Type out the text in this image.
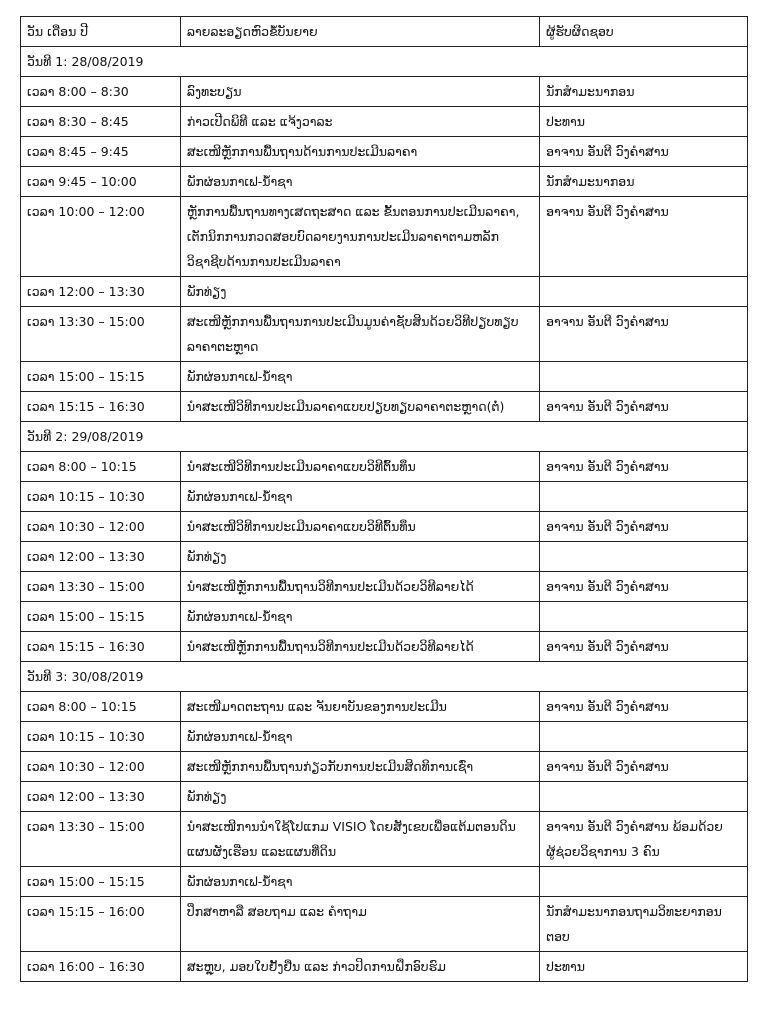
ວັນ ເດືອນ ປີ	ລາຍລະອຽດຫົວຂໍ້ບັນຍາຍ	ຜູ້ຮັບຜິດຊອບ
ວັນທີ 1: 28/08/2019		
ເວລາ 8:00 – 8:30	ລົງທະບຽນ	ນັກສຳມະນາກອນ
ເວລາ 8:30 – 8:45	ກ່າວເປີດພິທີ ແລະ ແຈ້ງວາລະ	ປະທານ
ເວລາ 8:45 – 9:45	ສະເໜີຫຼັກການພື້ນຖານດ້ານການປະເມີນລາຄາ	ອາຈານ ອັນຕີ ວົງຄຳສານ
ເວລາ 9:45 – 10:00	ພັກຜ່ອນກາເຟ-ນ້ຳຊາ	ນັກສຳມະນາກອນ
ເວລາ 10:00 – 12:00	ຫຼັກການພື້ນຖານທາງເສດຖະສາດ ແລະ ຂັ້ນຕອນການປະເມີນລາຄາ, ເຕັກນິກການກວດສອບບົດລາຍງານການປະເມີນລາຄາຕາມຫລັກວິຊາຊີບດ້ານການປະເມີນລາຄາ	ອາຈານ ອັນຕີ ວົງຄຳສານ
ເວລາ 12:00 – 13:30	ພັກທ່ຽງ	
ເວລາ 13:30 – 15:00	ສະເໜີຫຼັກການພື້ນຖານການປະເມີນມູນຄ່າຊັບສິນດ້ວຍວິທີປຽບທຽບລາຄາຕະຫຼາດ	ອາຈານ ອັນຕີ ວົງຄຳສານ
ເວລາ 15:00 – 15:15	ພັກຜ່ອນກາເຟ-ນ້ຳຊາ	
ເວລາ 15:15 – 16:30	ນຳສະເໜີວິທີການປະເມີນລາຄາແບບປຽບທຽບລາຄາຕະຫຼາດ(ຕໍ່)	ອາຈານ ອັນຕີ ວົງຄຳສານ
ວັນທີ 2: 29/08/2019		
ເວລາ 8:00 – 10:15	ນຳສະເໜີວິທີການປະເມີນລາຄາແບບວິທີຕົ້ນທຶນ	ອາຈານ ອັນຕີ ວົງຄຳສານ
ເວລາ 10:15 – 10:30	ພັກຜ່ອນກາເຟ-ນ້ຳຊາ	
ເວລາ 10:30 – 12:00	ນຳສະເໜີວິທີການປະເມີນລາຄາແບບວິທີຕົ້ນທຶນ	ອາຈານ ອັນຕີ ວົງຄຳສານ
ເວລາ 12:00 – 13:30	ພັກທ່ຽງ	
ເວລາ 13:30 – 15:00	ນຳສະເໜີຫຼັກການພື້ນຖານວິທີການປະເມີນດ້ວຍວິທີລາຍໄດ້	ອາຈານ ອັນຕີ ວົງຄຳສານ
ເວລາ 15:00 – 15:15	ພັກຜ່ອນກາເຟ-ນ້ຳຊາ	
ເວລາ 15:15 – 16:30	ນຳສະເໜີຫຼັກການພື້ນຖານວິທີການປະເມີນດ້ວຍວິທີລາຍໄດ້	ອາຈານ ອັນຕີ ວົງຄຳສານ
ວັນທີ 3: 30/08/2019		
ເວລາ 8:00 – 10:15	ສະເໜີມາດຕະຖານ ແລະ ຈັນຍາບັນຂອງການປະເມີນ	ອາຈານ ອັນຕີ ວົງຄຳສານ
ເວລາ 10:15 – 10:30	ພັກຜ່ອນກາເຟ-ນ້ຳຊາ	
ເວລາ 10:30 – 12:00	ສະເໜີຫຼັກການພື້ນຖານກ່ຽວກັບການປະເມີນສິດທິການເຊົ່າ	ອາຈານ ອັນຕີ ວົງຄຳສານ
ເວລາ 12:00 – 13:30	ພັກທ່ຽງ	
ເວລາ 13:30 – 15:00	ນຳສະເໜີການນຳໃຊ້ໂປແກມ VISIO ໂດຍສັງເຂບເພື່ອແຕ້ມຕອນດິນ ແຜນຜັງເຮືອນ ແລະແຜນທີ່ດິນ	ອາຈານ ອັນຕີ ວົງຄຳສານ ພ້ອມດ້ວຍຜູ້ຊ່ວຍວິຊາການ 3 ຄົນ
ເວລາ 15:00 – 15:15	ພັກຜ່ອນກາເຟ-ນ້ຳຊາ	
ເວລາ 15:15 – 16:00	ປຶກສາຫາລື ສອບຖາມ ແລະ ຄຳຖາມ	ນັກສຳມະນາກອນຖາມວິທະຍາກອນຕອບ
ເວລາ 16:00 – 16:30	ສະຫຼຸບ, ມອບໃບຢັ້ງຢືນ ແລະ ກ່າວປິດການຝຶກອົບຮົມ	ປະທານ
